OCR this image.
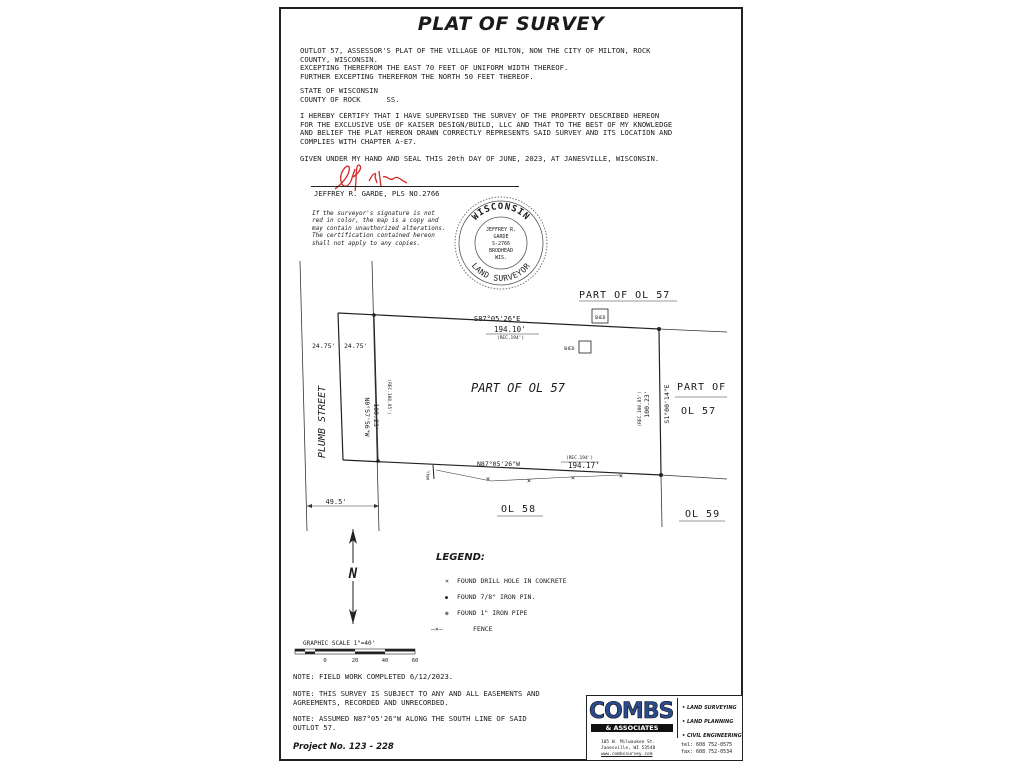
PLAT OF SURVEY
OUTLOT 57, ASSESSOR'S PLAT OF THE VILLAGE OF MILTON, NOW THE CITY OF MILTON, ROCK
COUNTY, WISCONSIN.
EXCEPTING THEREFROM THE EAST 70 FEET OF UNIFORM WIDTH THEREOF.
FURTHER EXCEPTING THEREFROM THE NORTH 50 FEET THEREOF.
STATE OF WISCONSIN
COUNTY OF ROCK      SS.
I HEREBY CERTIFY THAT I HAVE SUPERVISED THE SURVEY OF THE PROPERTY DESCRIBED HEREON
FOR THE EXCLUSIVE USE OF KAISER DESIGN/BUILD, LLC AND THAT TO THE BEST OF MY KNOWLEDGE
AND BELIEF THE PLAT HEREON DRAWN CORRECTLY REPRESENTS SAID SURVEY AND ITS LOCATION AND
COMPLIES WITH CHAPTER A-E7.
GIVEN UNDER MY HAND AND SEAL THIS 20th DAY OF JUNE, 2023, AT JANESVILLE, WISCONSIN.
JEFFREY R. GARDE, PLS NO.2766
If the surveyor's signature is not
red in color, the map is a copy and
may contain unauthorized alterations.
The certification contained hereon
shall not apply to any copies.
WISCONSIN
LAND SURVEYOR
JEFFREY R.
GARDE
S-2766
BRODHEAD
WIS.
×	×	×	×
SHED
SHED
WALL
PART OF OL 57
S87°05'26"E
194.10'
(REC.194')
PART OF OL 57
N0°57'56"W 100.23'
(REC.100.85')	(REC.100.85') 100.23' S1°00'14"E PART OF
OL 57
N87°05'26"W	194.17'
(REC.194')
24.75' 24.75'
PLUMB STREET
49.5'
OL 58	OL 59
N
GRAPHIC SCALE 1"=40'
0	20	40	60
LEGEND:
× FOUND DRILL HOLE IN CONCRETE
● FOUND 7/8" IRON PIN.
● FOUND 1" IRON PIPE
—×—	FENCE
NOTE: FIELD WORK COMPLETED 6/12/2023.
NOTE: THIS SURVEY IS SUBJECT TO ANY AND ALL EASEMENTS AND
AGREEMENTS, RECORDED AND UNRECORDED.
NOTE: ASSUMED N87°05'26"W ALONG THE SOUTH LINE OF SAID
OUTLOT 57.
Project No. 123 - 228
COMBS
& ASSOCIATES
• LAND SURVEYING
• LAND PLANNING
• CIVIL ENGINEERING
105 W. Milwaukee St.
Janesville, WI 53548
www.combssurvey.com
tel: 608 752-0575
fax: 608 752-0534
